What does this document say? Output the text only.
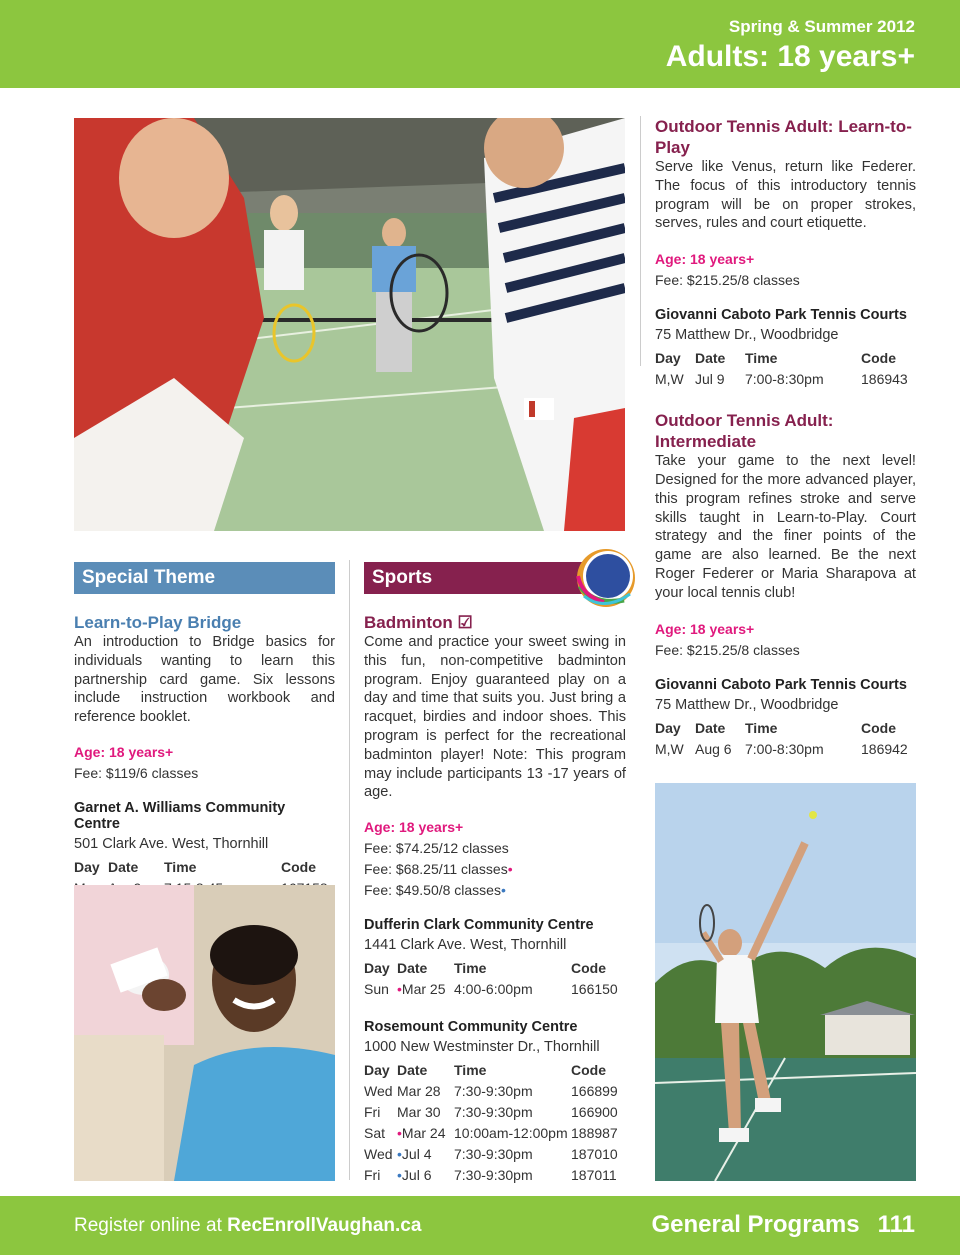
Spring & Summer 2012
Adults: 18 years+
Outdoor Tennis Adult: Learn-to-Play
Serve like Venus, return like Federer. The focus of this introductory tennis program will be on proper strokes, serves, rules and court etiquette.
Age: 18 years+
Fee: $215.25/8 classes
Giovanni Caboto Park Tennis Courts
75 Matthew Dr., Woodbridge
Day	Date	Time	Code
M,W	Jul 9	7:00-8:30pm	186943
Outdoor Tennis Adult: Intermediate
Take your game to the next level! Designed for the more advanced player, this program refines stroke and serve skills taught in Learn-to-Play. Court strategy and the finer points of the game are also learned. Be the next Roger Federer or Maria Sharapova at your local tennis club!
Age: 18 years+
Fee: $215.25/8 classes
Giovanni Caboto Park Tennis Courts
75 Matthew Dr., Woodbridge
Day	Date	Time	Code
M,W	Aug 6	7:00-8:30pm	186942
Special Theme	Sports
Learn-to-Play Bridge
An introduction to Bridge basics for individuals wanting to learn this partnership card game. Six lessons include instruction workbook and reference booklet.
Age: 18 years+
Fee: $119/6 classes
Garnet A. Williams Community Centre
501 Clark Ave. West, Thornhill
Day	Date	Time	Code

Badminton ☑
Come and practice your sweet swing in this fun, non-competitive badminton program. Enjoy guaranteed play on a day and time that suits you. Just bring a racquet, birdies and indoor shoes. This program is perfect for the recreational badminton player! Note: This program may include participants 13 -17 years of age.
Age: 18 years+
Fee: $74.25/12 classes
Fee: $68.25/11 classes•
Fee: $49.50/8 classes•
Dufferin Clark Community Centre
1441 Clark Ave. West, Thornhill
Day	Date	Time	Code
Sun	•Mar 25	4:00-6:00pm	166150
Rosemount Community Centre
1000 New Westminster Dr., Thornhill
Day	Date	Time	Code
Wed	Mar 28	7:30-9:30pm	166899
Fri	Mar 30	7:30-9:30pm	166900
Sat	•Mar 24	10:00am-12:00pm	188987
Wed	•Jul 4	7:30-9:30pm	187010
Fri	•Jul 6	7:30-9:30pm	187011
Register online at RecEnrollVaughan.ca	General Programs 111
